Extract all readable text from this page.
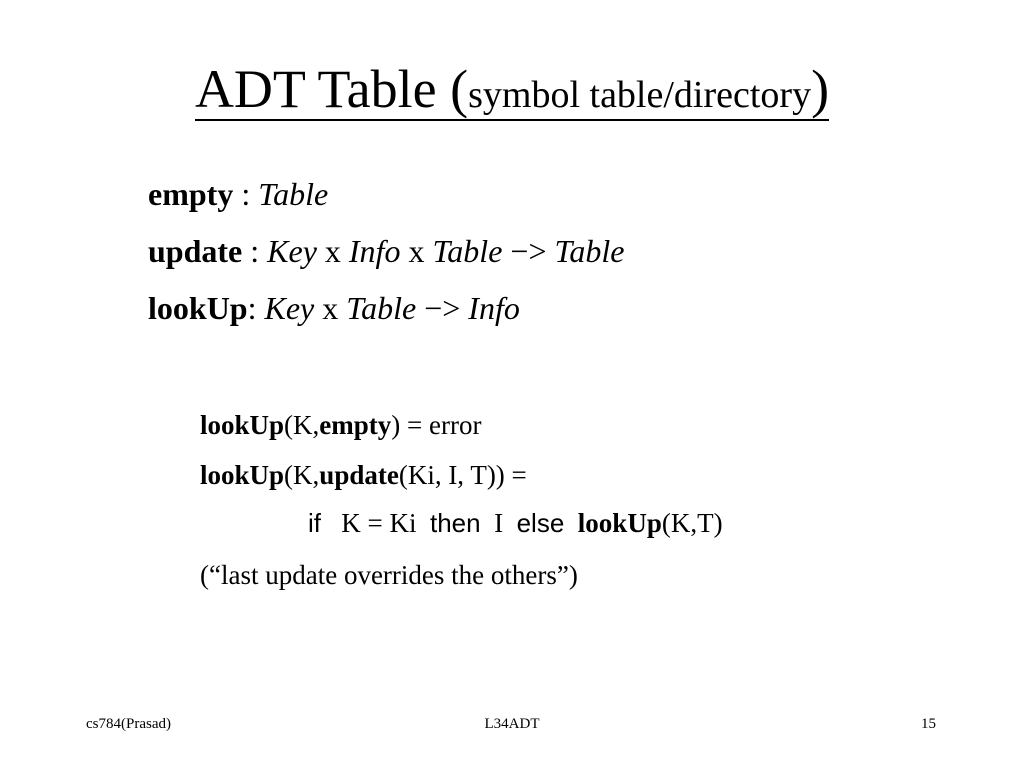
ADT Table (symbol table/directory)
empty : Table
update : Key x Info x Table −> Table
lookUp: Key x Table −> Info
lookUp(K,empty) = error
lookUp(K,update(Ki, I, T)) =
if K = Ki then I else lookUp(K,T)
(“last update overrides the others”)
cs784(Prasad)	L34ADT	15
